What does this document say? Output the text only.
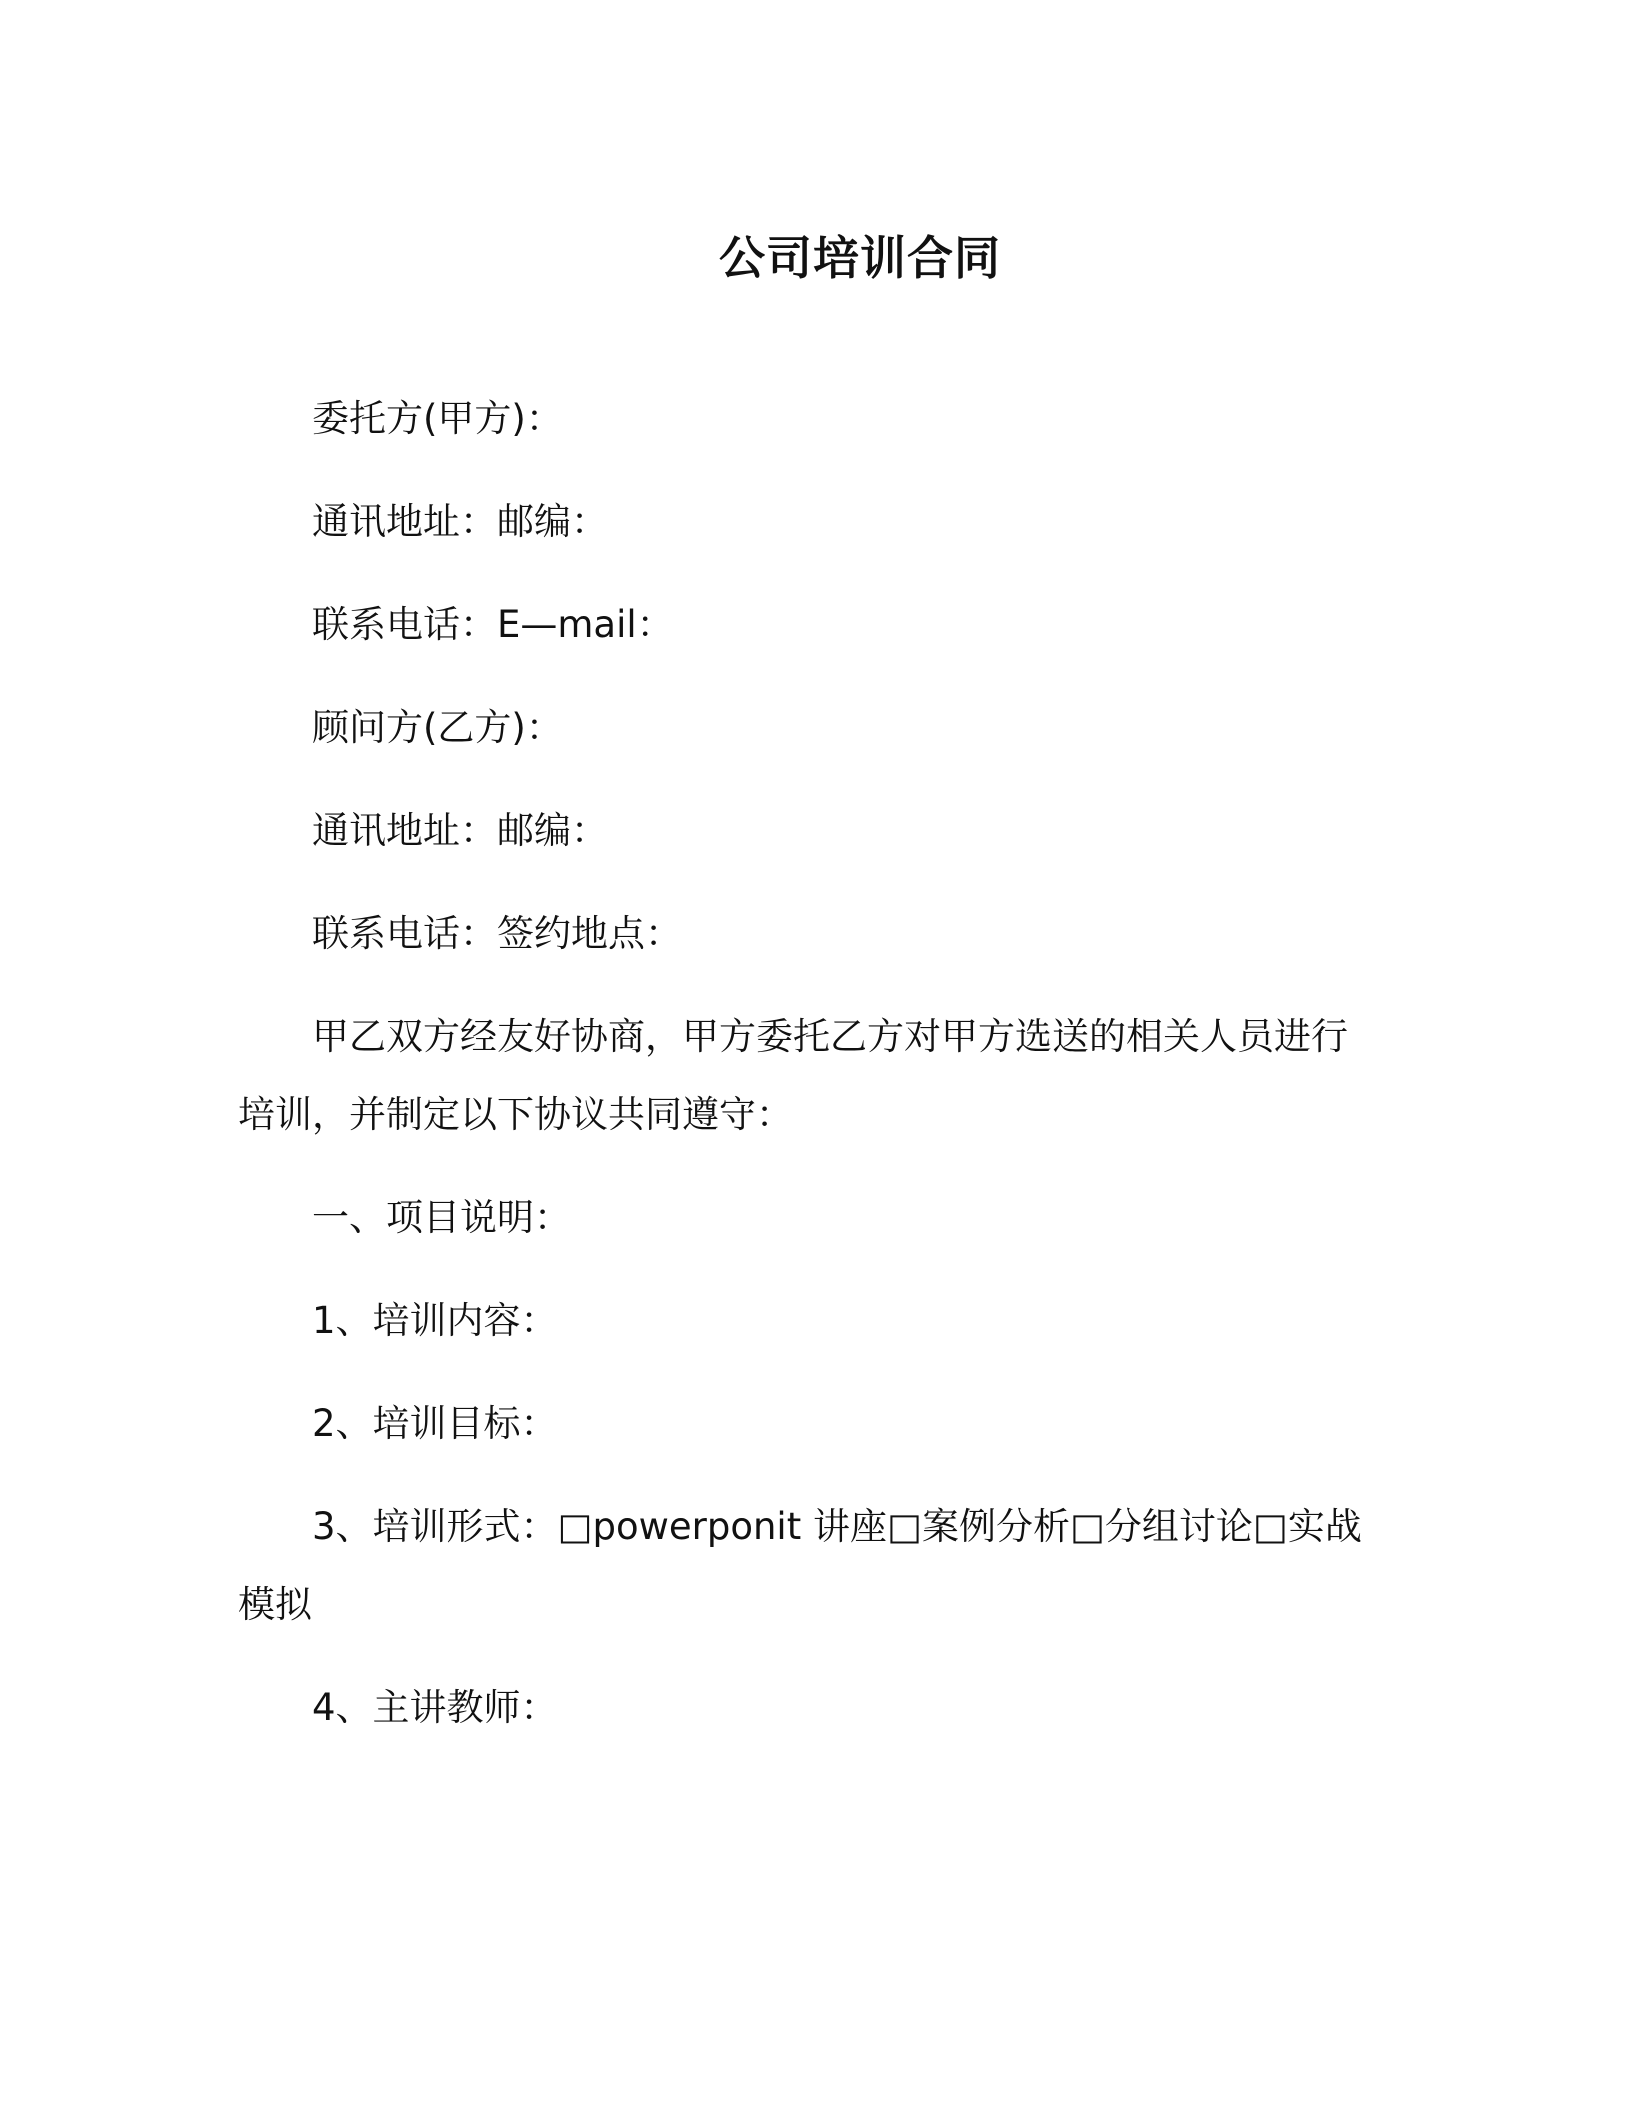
公司培训合同
委托方(甲方)：
通讯地址：邮编：
联系电话：E—mail：
顾问方(乙方)：
通讯地址：邮编：
联系电话：签约地点：
甲乙双方经友好协商，甲方委托乙方对甲方选送的相关人员进行
培训，并制定以下协议共同遵守：
一、项目说明：
1、培训内容：
2、培训目标：
3、培训形式：□powerponit 讲座□案例分析□分组讨论□实战
模拟
4、主讲教师：
